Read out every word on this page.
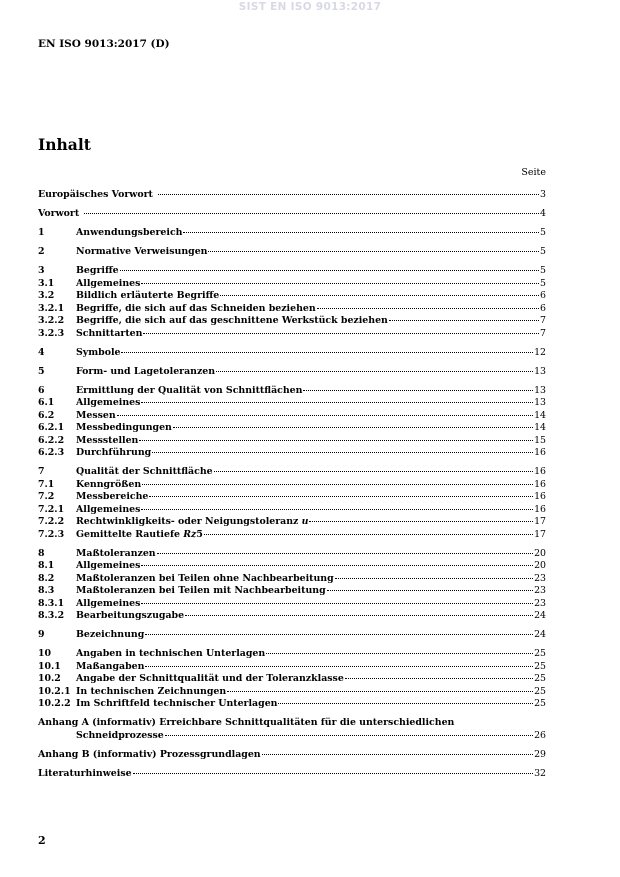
SIST EN ISO 9013:2017
EN ISO 9013:2017 (D)
Inhalt
Seite
Europäisches Vorwort	3
Vorwort	4
1	Anwendungsbereich	5
2	Normative Verweisungen	5
3	Begriffe	5
3.1	Allgemeines	5
3.2	Bildlich erläuterte Begriffe	6
3.2.1	Begriffe, die sich auf das Schneiden beziehen	6
3.2.2	Begriffe, die sich auf das geschnittene Werkstück beziehen	7
3.2.3	Schnittarten	7
4	Symbole	12
5	Form- und Lagetoleranzen	13
6	Ermittlung der Qualität von Schnittflächen	13
6.1	Allgemeines	13
6.2	Messen	14
6.2.1	Messbedingungen	14
6.2.2	Messstellen	15
6.2.3	Durchführung	16
7	Qualität der Schnittfläche	16
7.1	Kenngrößen	16
7.2	Messbereiche	16
7.2.1	Allgemeines	16
7.2.2	Rechtwinkligkeits- oder Neigungstoleranz u	17
7.2.3	Gemittelte Rautiefe Rz5	17
8	Maßtoleranzen	20
8.1	Allgemeines	20
8.2	Maßtoleranzen bei Teilen ohne Nachbearbeitung	23
8.3	Maßtoleranzen bei Teilen mit Nachbearbeitung	23
8.3.1	Allgemeines	23
8.3.2	Bearbeitungszugabe	24
9	Bezeichnung	24
10	Angaben in technischen Unterlagen	25
10.1	Maßangaben	25
10.2	Angabe der Schnittqualität und der Toleranzklasse	25
10.2.1 In technischen Zeichnungen	25
10.2.2 Im Schriftfeld technischer Unterlagen	25
Anhang A (informativ) Erreichbare Schnittqualitäten für die unterschiedlichen
Schneidprozesse	26
Anhang B (informativ) Prozessgrundlagen	29
Literaturhinweise	32
2
